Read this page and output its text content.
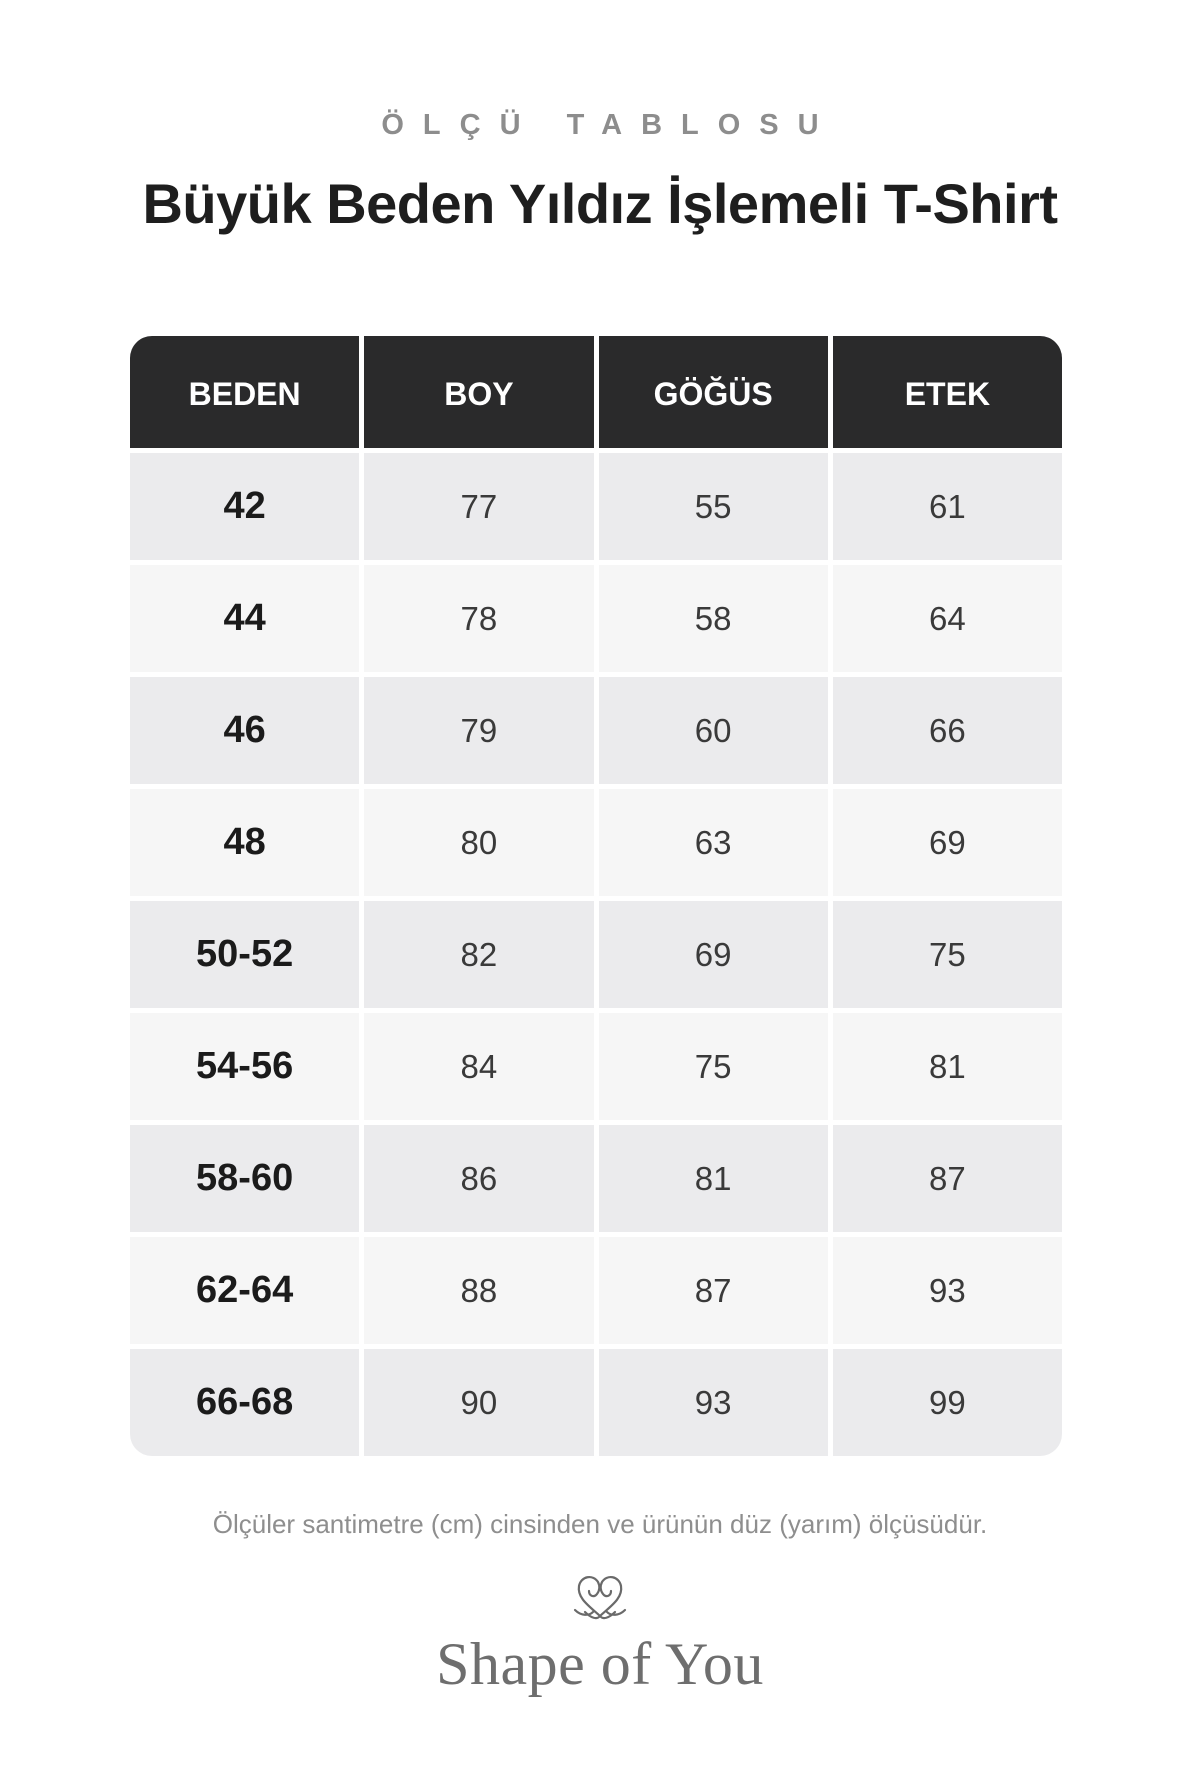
ÖLÇÜ TABLOSU
Büyük Beden Yıldız İşlemeli T-Shirt
BEDEN	BOY	GÖĞÜS	ETEK
42	77	55	61
44	78	58	64
46	79	60	66
48	80	63	69
50-52	82	69	75
54-56	84	75	81
58-60	86	81	87
62-64	88	87	93
66-68	90	93	99
Ölçüler santimetre (cm) cinsinden ve ürünün düz (yarım) ölçüsüdür.
Shape of You
